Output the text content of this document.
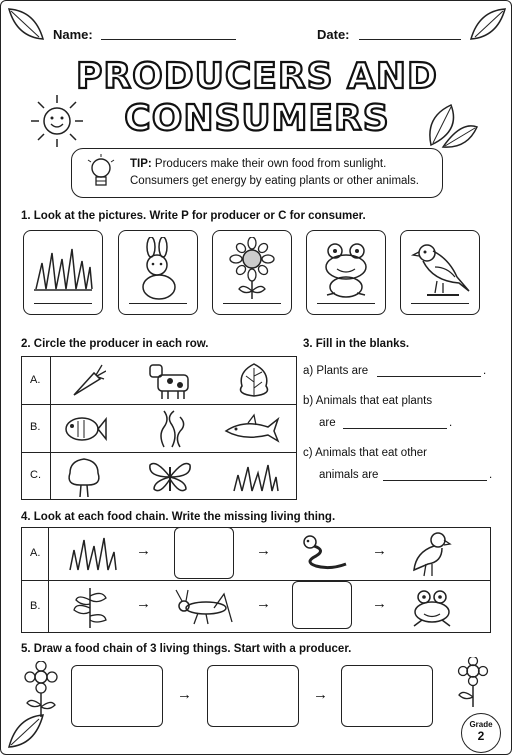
Name:	Date:
PRODUCERS AND
CONSUMERS
TIP: Producers make their own food from sunlight.
Consumers get energy by eating plants or other animals.
1. Look at the pictures. Write P for producer or C for consumer.
2. Circle the producer in each row.
A.
B.
C.
3. Fill in the blanks.
a) Plants are	.
b) Animals that eat plants
are	.
c) Animals that eat other
animals are	.
4. Look at each food chain. Write the missing living thing.
A.
B.
→	→	→
→	→	→
5. Draw a food chain of 3 living things. Start with a producer.
→	→
Grade
2
